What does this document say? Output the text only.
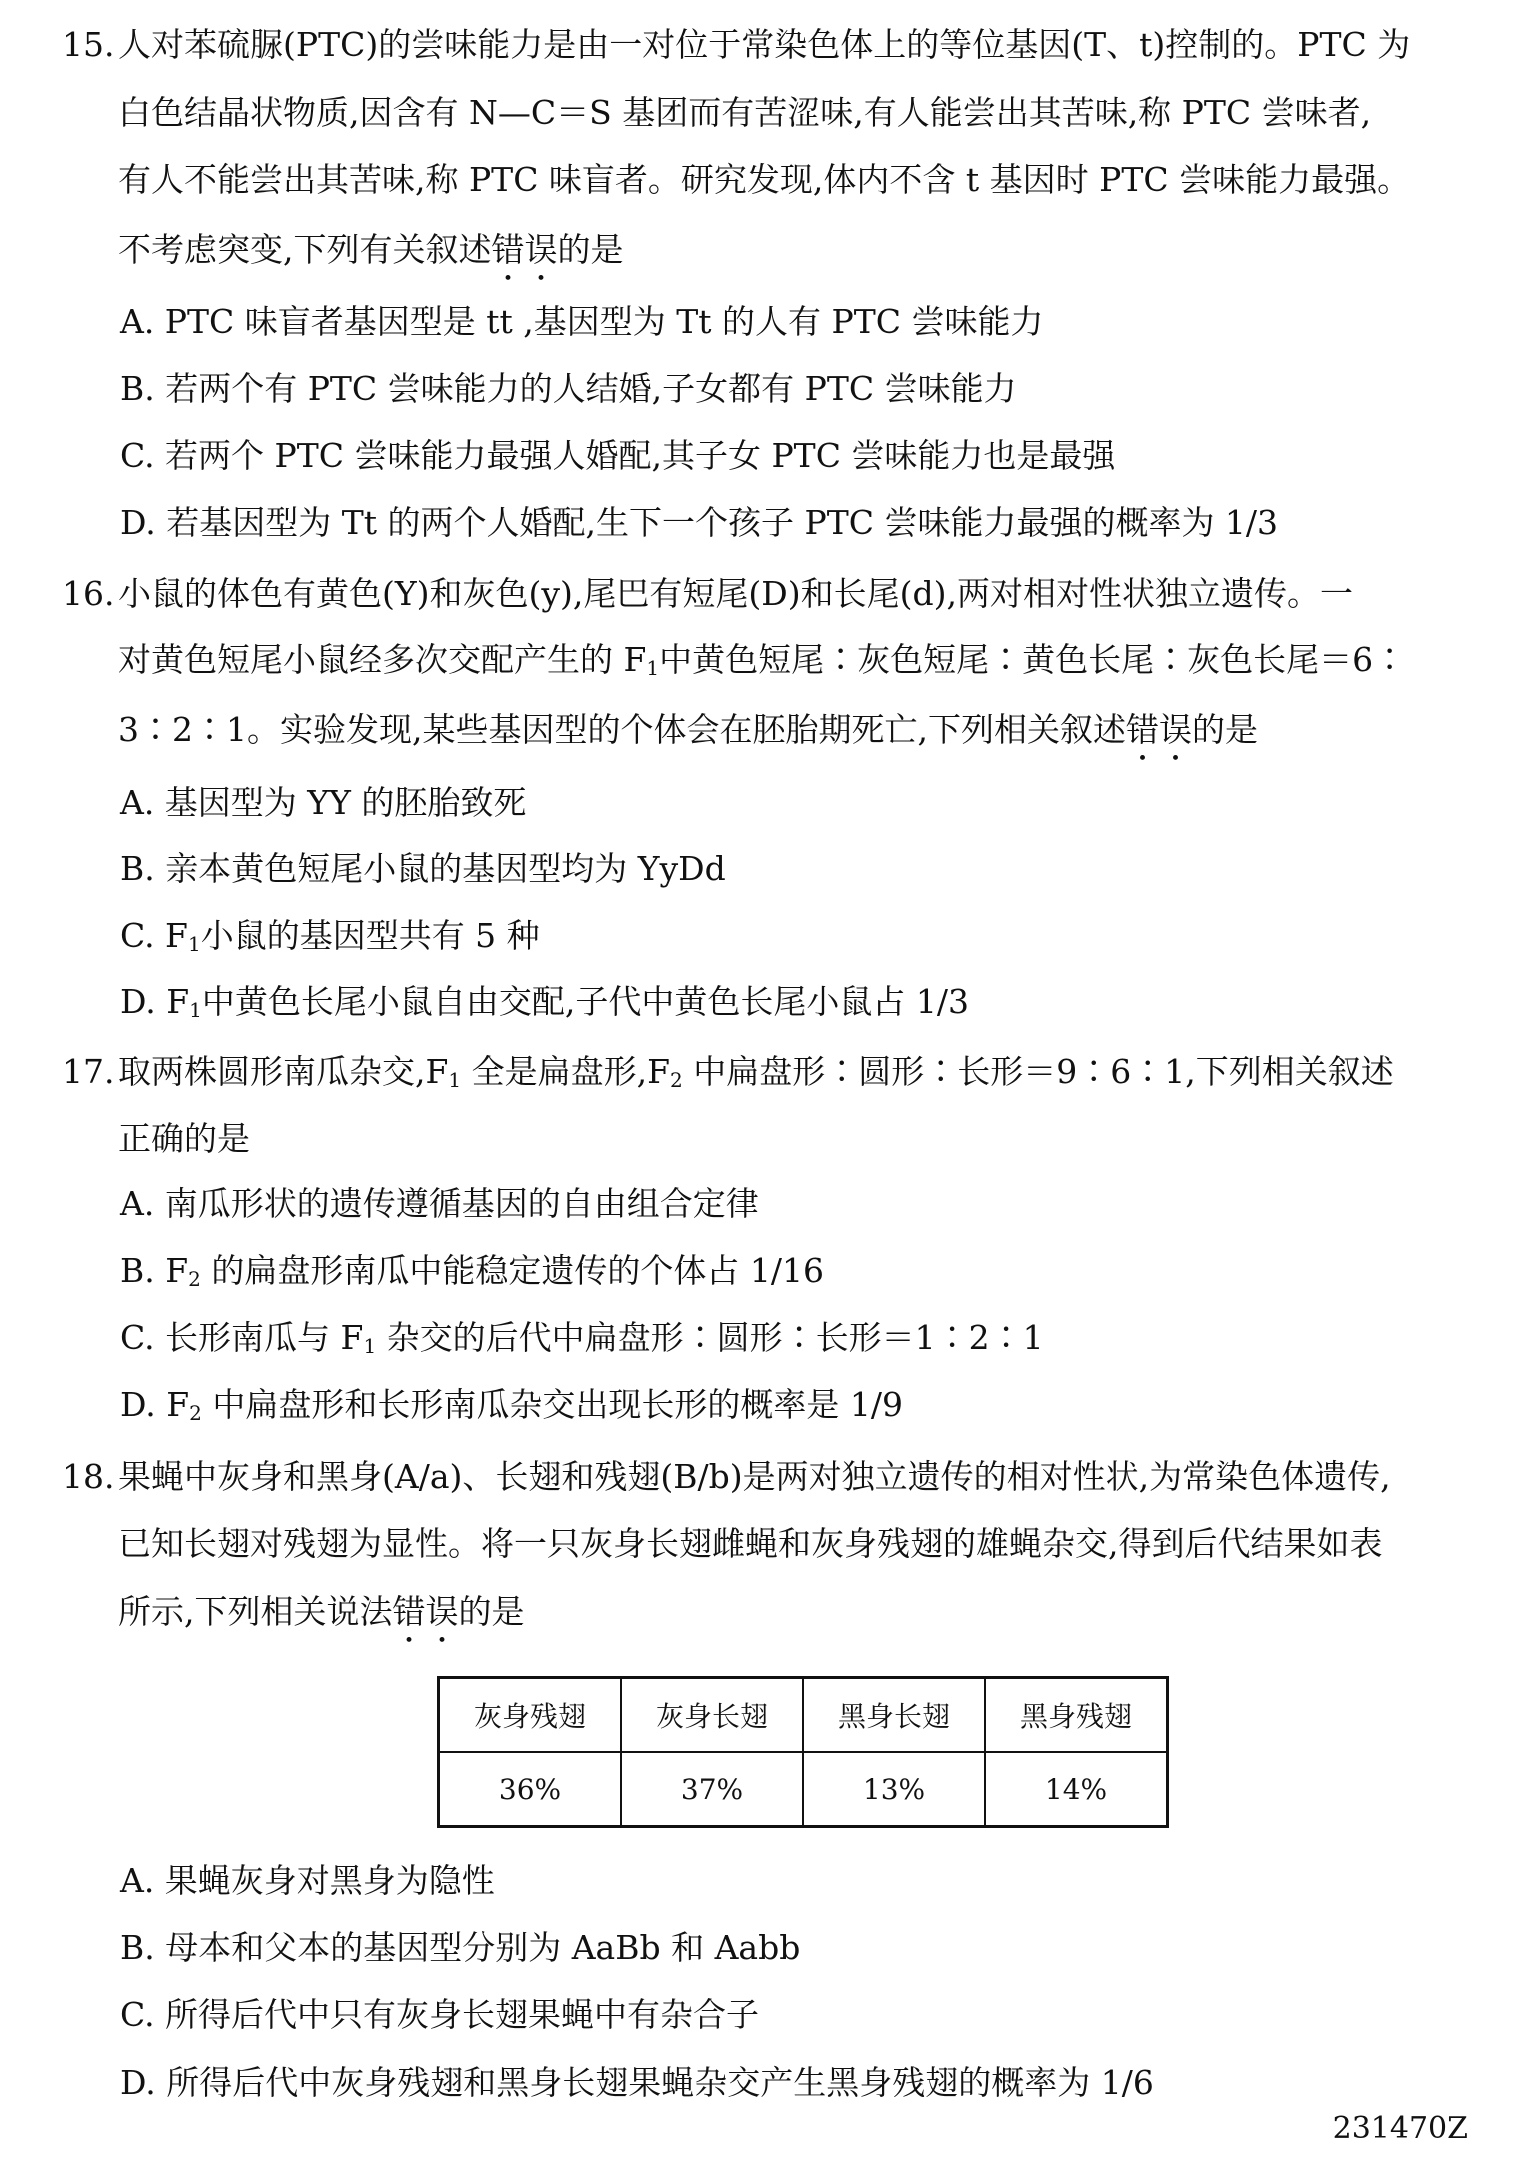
15. 人对苯硫脲(PTC)的尝味能力是由一对位于常染色体上的等位基因(T、t)控制的。PTC 为
白色结晶状物质,因含有 N—C＝S 基团而有苦涩味,有人能尝出其苦味,称 PTC 尝味者,
有人不能尝出其苦味,称 PTC 味盲者。研究发现,体内不含 t 基因时 PTC 尝味能力最强。
不考虑突变,下列有关叙述错误的是
A. PTC 味盲者基因型是 tt ,基因型为 Tt 的人有 PTC 尝味能力
B. 若两个有 PTC 尝味能力的人结婚,子女都有 PTC 尝味能力
C. 若两个 PTC 尝味能力最强人婚配,其子女 PTC 尝味能力也是最强
D. 若基因型为 Tt 的两个人婚配,生下一个孩子 PTC 尝味能力最强的概率为 1/3
16. 小鼠的体色有黄色(Y)和灰色(y),尾巴有短尾(D)和长尾(d),两对相对性状独立遗传。一
对黄色短尾小鼠经多次交配产生的 $F_1$中黄色短尾∶灰色短尾∶黄色长尾∶灰色长尾＝6∶
3∶2∶1。实验发现,某些基因型的个体会在胚胎期死亡,下列相关叙述错误的是
A. 基因型为 YY 的胚胎致死
B. 亲本黄色短尾小鼠的基因型均为 YyDd
C. $F_1$小鼠的基因型共有 5 种
D. $F_1$中黄色长尾小鼠自由交配,子代中黄色长尾小鼠占 1/3
17. 取两株圆形南瓜杂交$,F_1$ 全是扁盘形$,F_2$ 中扁盘形∶圆形∶长形＝9∶6∶1,下列相关叙述
正确的是
A. 南瓜形状的遗传遵循基因的自由组合定律
B. $F_2$ 的扁盘形南瓜中能稳定遗传的个体占 1/16
C. 长形南瓜与 $F_1$ 杂交的后代中扁盘形∶圆形∶长形＝1∶2∶1
D. $F_2$ 中扁盘形和长形南瓜杂交出现长形的概率是 1/9
18. 果蝇中灰身和黑身(A/a)、长翅和残翅(B/b)是两对独立遗传的相对性状,为常染色体遗传,
已知长翅对残翅为显性。将一只灰身长翅雌蝇和灰身残翅的雄蝇杂交,得到后代结果如表
所示,下列相关说法错误的是
灰身残翅	灰身长翅	黑身长翅	黑身残翅
36%	37%	13%	14%
A. 果蝇灰身对黑身为隐性
B. 母本和父本的基因型分别为 AaBb 和 Aabb
C. 所得后代中只有灰身长翅果蝇中有杂合子
D. 所得后代中灰身残翅和黑身长翅果蝇杂交产生黑身残翅的概率为 1/6
231470Z
